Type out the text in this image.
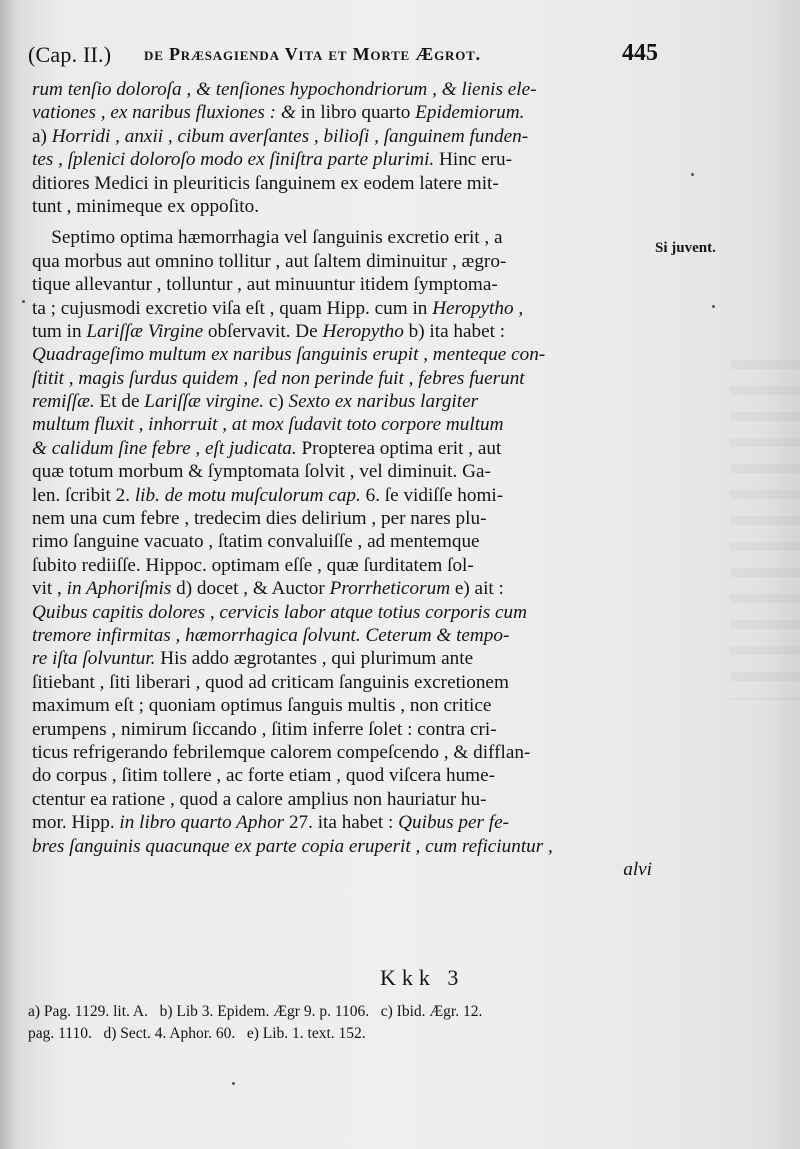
(Cap. II.) de Præsagienda Vita et Morte Ægrot.	445
rum tenſio doloroſa , & tenſiones hypochondriorum , & lienis ele-
vationes , ex naribus fluxiones : & in libro quarto Epidemiorum.
a) Horridi , anxii , cibum averſantes , bilioſi , ſanguinem funden-
tes , ſplenici doloroſo modo ex ſiniſtra parte plurimi. Hinc eru-
ditiores Medici in pleuriticis ſanguinem ex eodem latere mit-
tunt , minimeque ex oppoſito.
Septimo optima hæmorrhagia vel ſanguinis excretio erit , a
qua morbus aut omnino tollitur , aut ſaltem diminuitur , ægro-
tique allevantur , tolluntur , aut minuuntur itidem ſymptoma-
ta ; cujusmodi excretio viſa eſt , quam Hipp. cum in Heropytho ,
tum in Lariſſæ Virgine obſervavit. De Heropytho b) ita habet :
Quadrageſimo multum ex naribus ſanguinis erupit , menteque con-
ſtitit , magis ſurdus quidem , ſed non perinde fuit , febres fuerunt
remiſſæ. Et de Lariſſæ virgine. c) Sexto ex naribus largiter
multum fluxit , inhorruit , at mox ſudavit toto corpore multum
& calidum ſine febre , eſt judicata. Propterea optima erit , aut
quæ totum morbum & ſymptomata ſolvit , vel diminuit. Ga-
len. ſcribit 2. lib. de motu muſculorum cap. 6. ſe vidiſſe homi-
nem una cum febre , tredecim dies delirium , per nares plu-
rimo ſanguine vacuato , ſtatim convaluiſſe , ad mentemque
ſubito rediiſſe. Hippoc. optimam eſſe , quæ ſurditatem ſol-
vit , in Aphoriſmis d) docet , & Auctor Prorrheticorum e) ait :
Quibus capitis dolores , cervicis labor atque totius corporis cum
tremore infirmitas , hæmorrhagica ſolvunt. Ceterum & tempo-
re iſta ſolvuntur. His addo ægrotantes , qui plurimum ante
ſitiebant , ſiti liberari , quod ad criticam ſanguinis excretionem
maximum eſt ; quoniam optimus ſanguis multis , non critice
erumpens , nimirum ſiccando , ſitim inferre ſolet : contra cri-
ticus refrigerando febrilemque calorem compeſcendo , & difflan-
do corpus , ſitim tollere , ac forte etiam , quod viſcera hume-
ctentur ea ratione , quod a calore amplius non hauriatur hu-
mor. Hipp. in libro quarto Aphor 27. ita habet : Quibus per fe-
bres ſanguinis quacunque ex parte copia eruperit , cum reficiuntur ,
alvi
Si juvent.
Kkk 3
a) Pag. 1129. lit. A.   b) Lib 3. Epidem. Ægr 9. p. 1106.   c) Ibid. Ægr. 12.
pag. 1110.   d) Sect. 4. Aphor. 60.   e) Lib. 1. text. 152.
